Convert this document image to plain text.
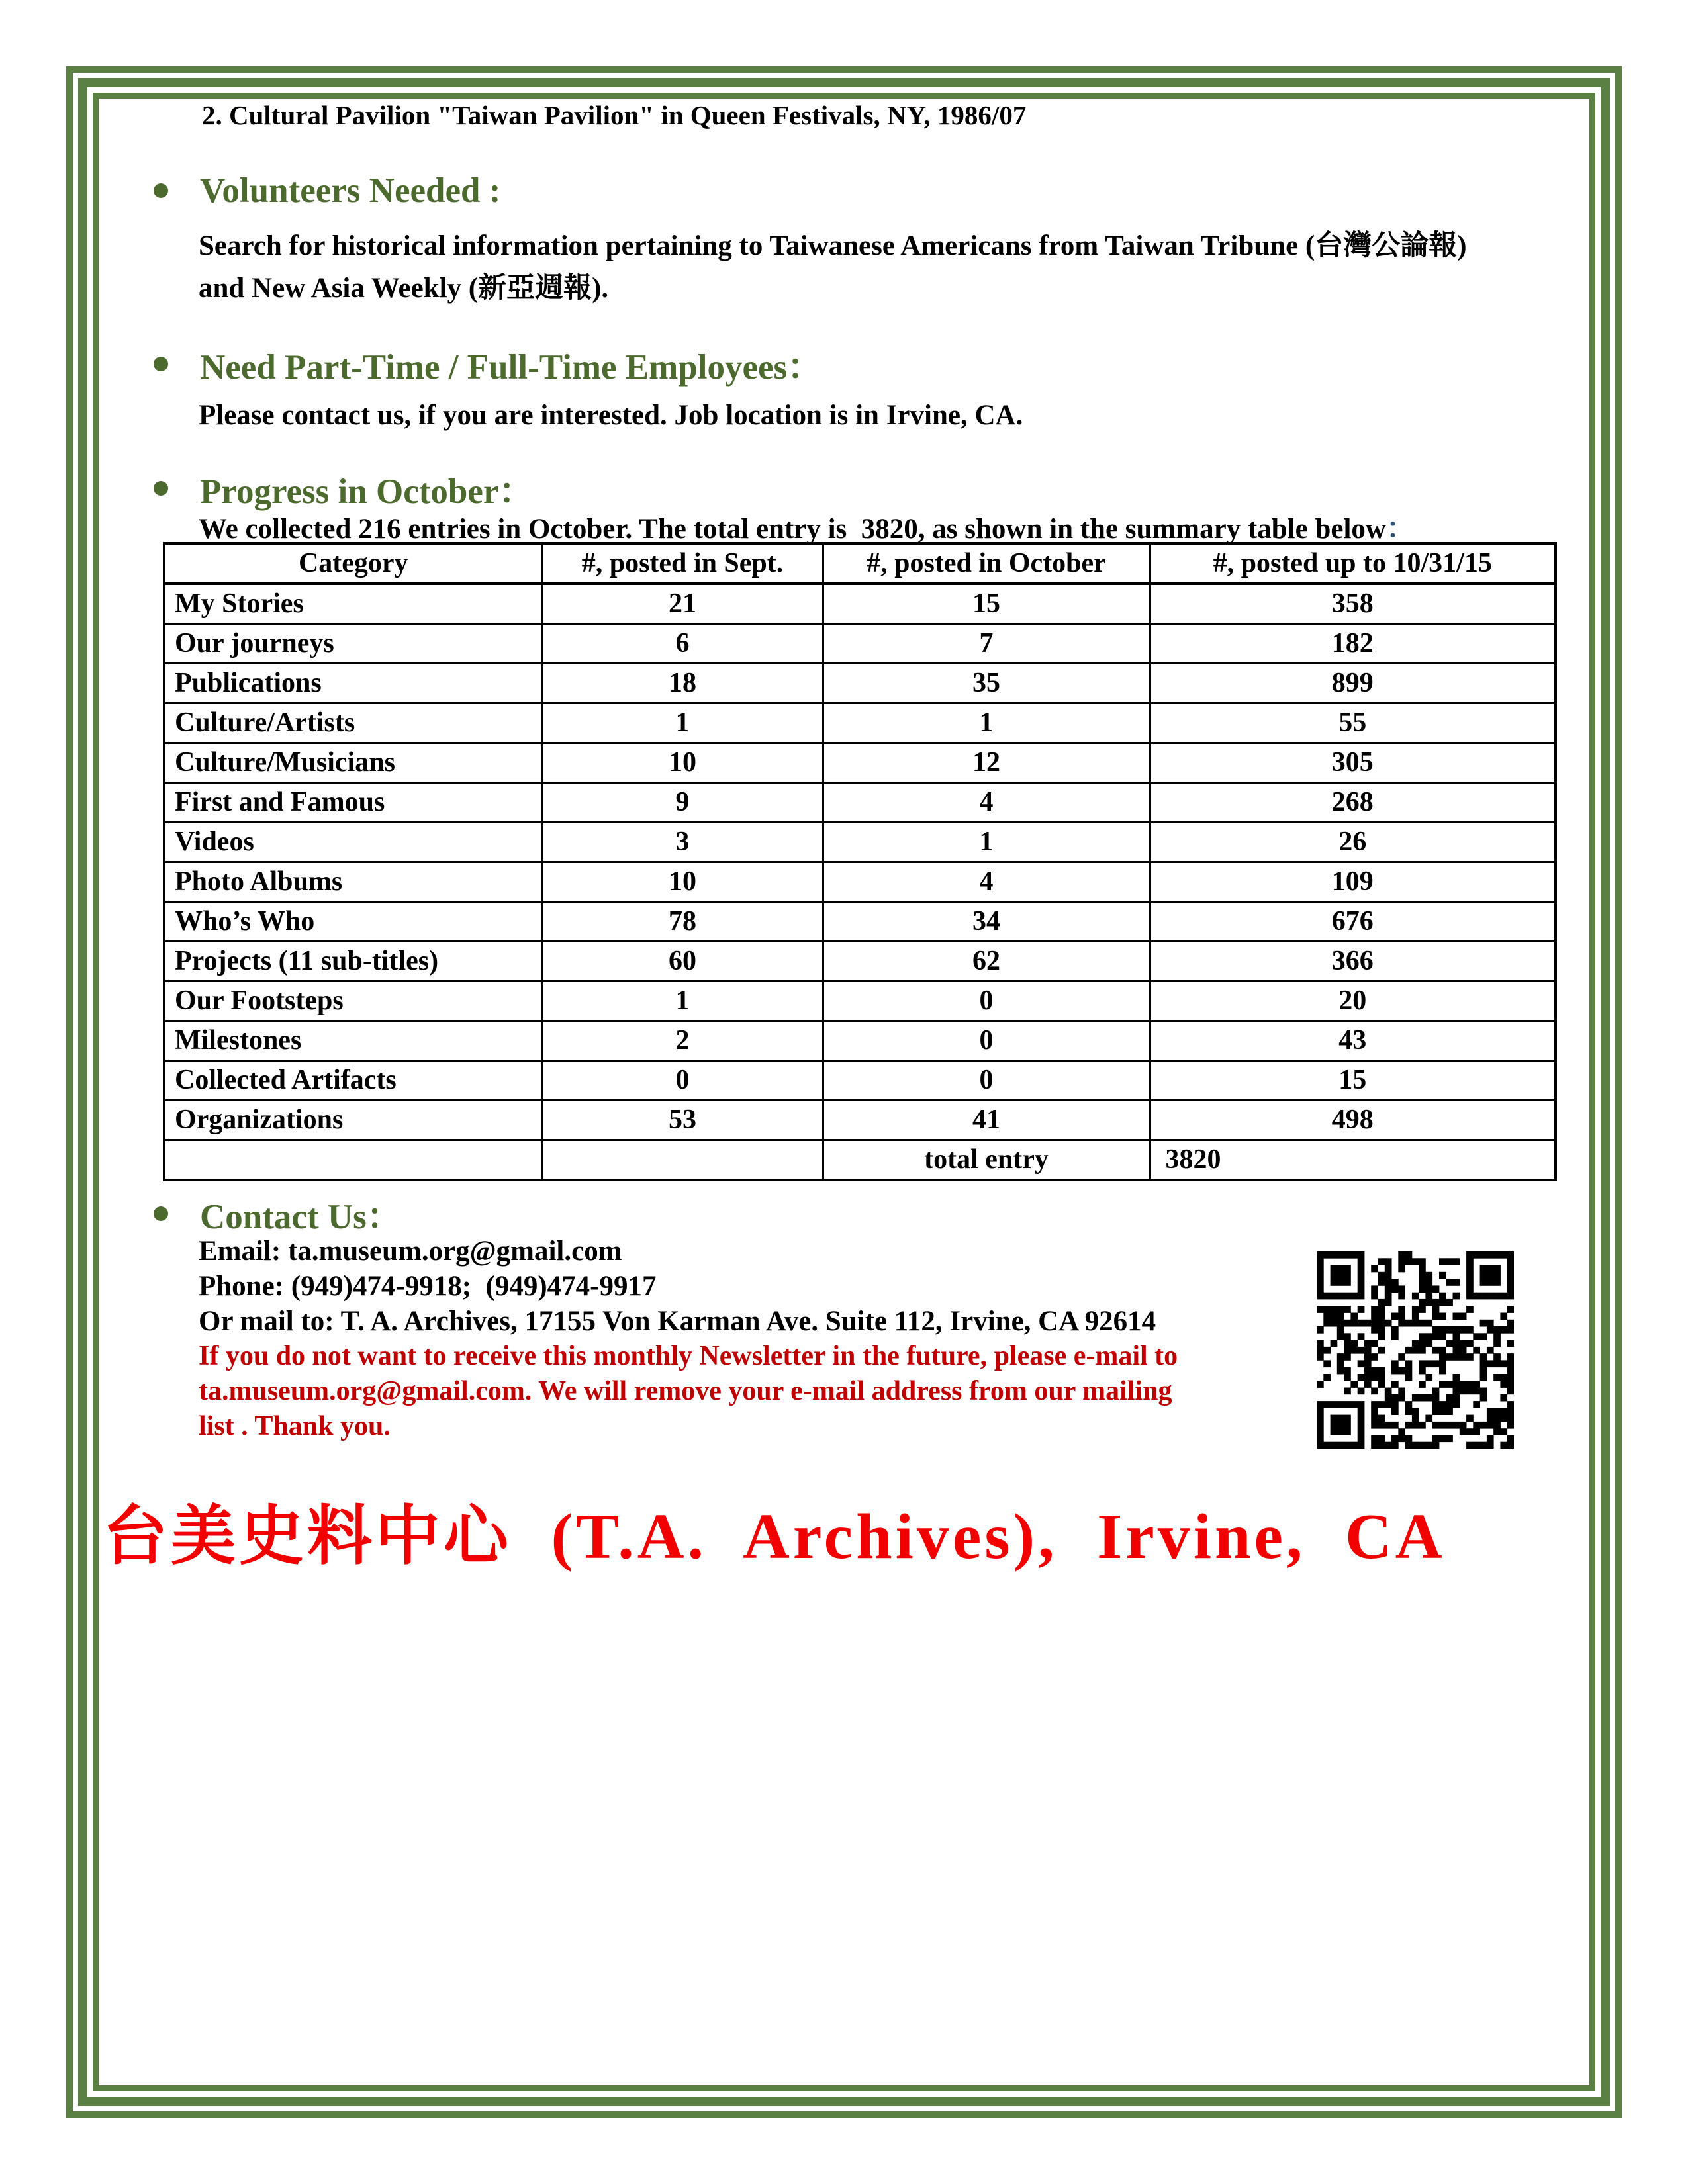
2. Cultural Pavilion "Taiwan Pavilion" in Queen Festivals, NY, 1986/07
Volunteers Needed :
Search for historical information pertaining to Taiwanese Americans from Taiwan Tribune (台灣公論報)
and New Asia Weekly (新亞週報).
Need Part-Time / Full-Time Employees：
Please contact us, if you are interested. Job location is in Irvine, CA.
Progress in October：
We collected 216 entries in October. The total entry is  3820, as shown in the summary table below：
Category	#, posted in Sept.	#, posted in October	#, posted up to 10/31/15
My Stories	21	15	358
Our journeys	6	7	182
Publications	18	35	899
Culture/Artists	1	1	55
Culture/Musicians	10	12	305
First and Famous	9	4	268
Videos	3	1	26
Photo Albums	10	4	109
Who’s Who	78	34	676
Projects (11 sub-titles)	60	62	366
Our Footsteps	1	0	20
Milestones	2	0	43
Collected Artifacts	0	0	15
Organizations	53	41	498
		total entry	3820
Contact Us：
Email: ta.museum.org@gmail.com
Phone: (949)474-9918;  (949)474-9917
Or mail to: T. A. Archives, 17155 Von Karman Ave. Suite 112, Irvine, CA 92614
If you do not want to receive this monthly Newsletter in the future, please e-mail to
ta.museum.org@gmail.com. We will remove your e-mail address from our mailing
list . Thank you.
台美史料中心 (T.A. Archives), Irvine, CA
